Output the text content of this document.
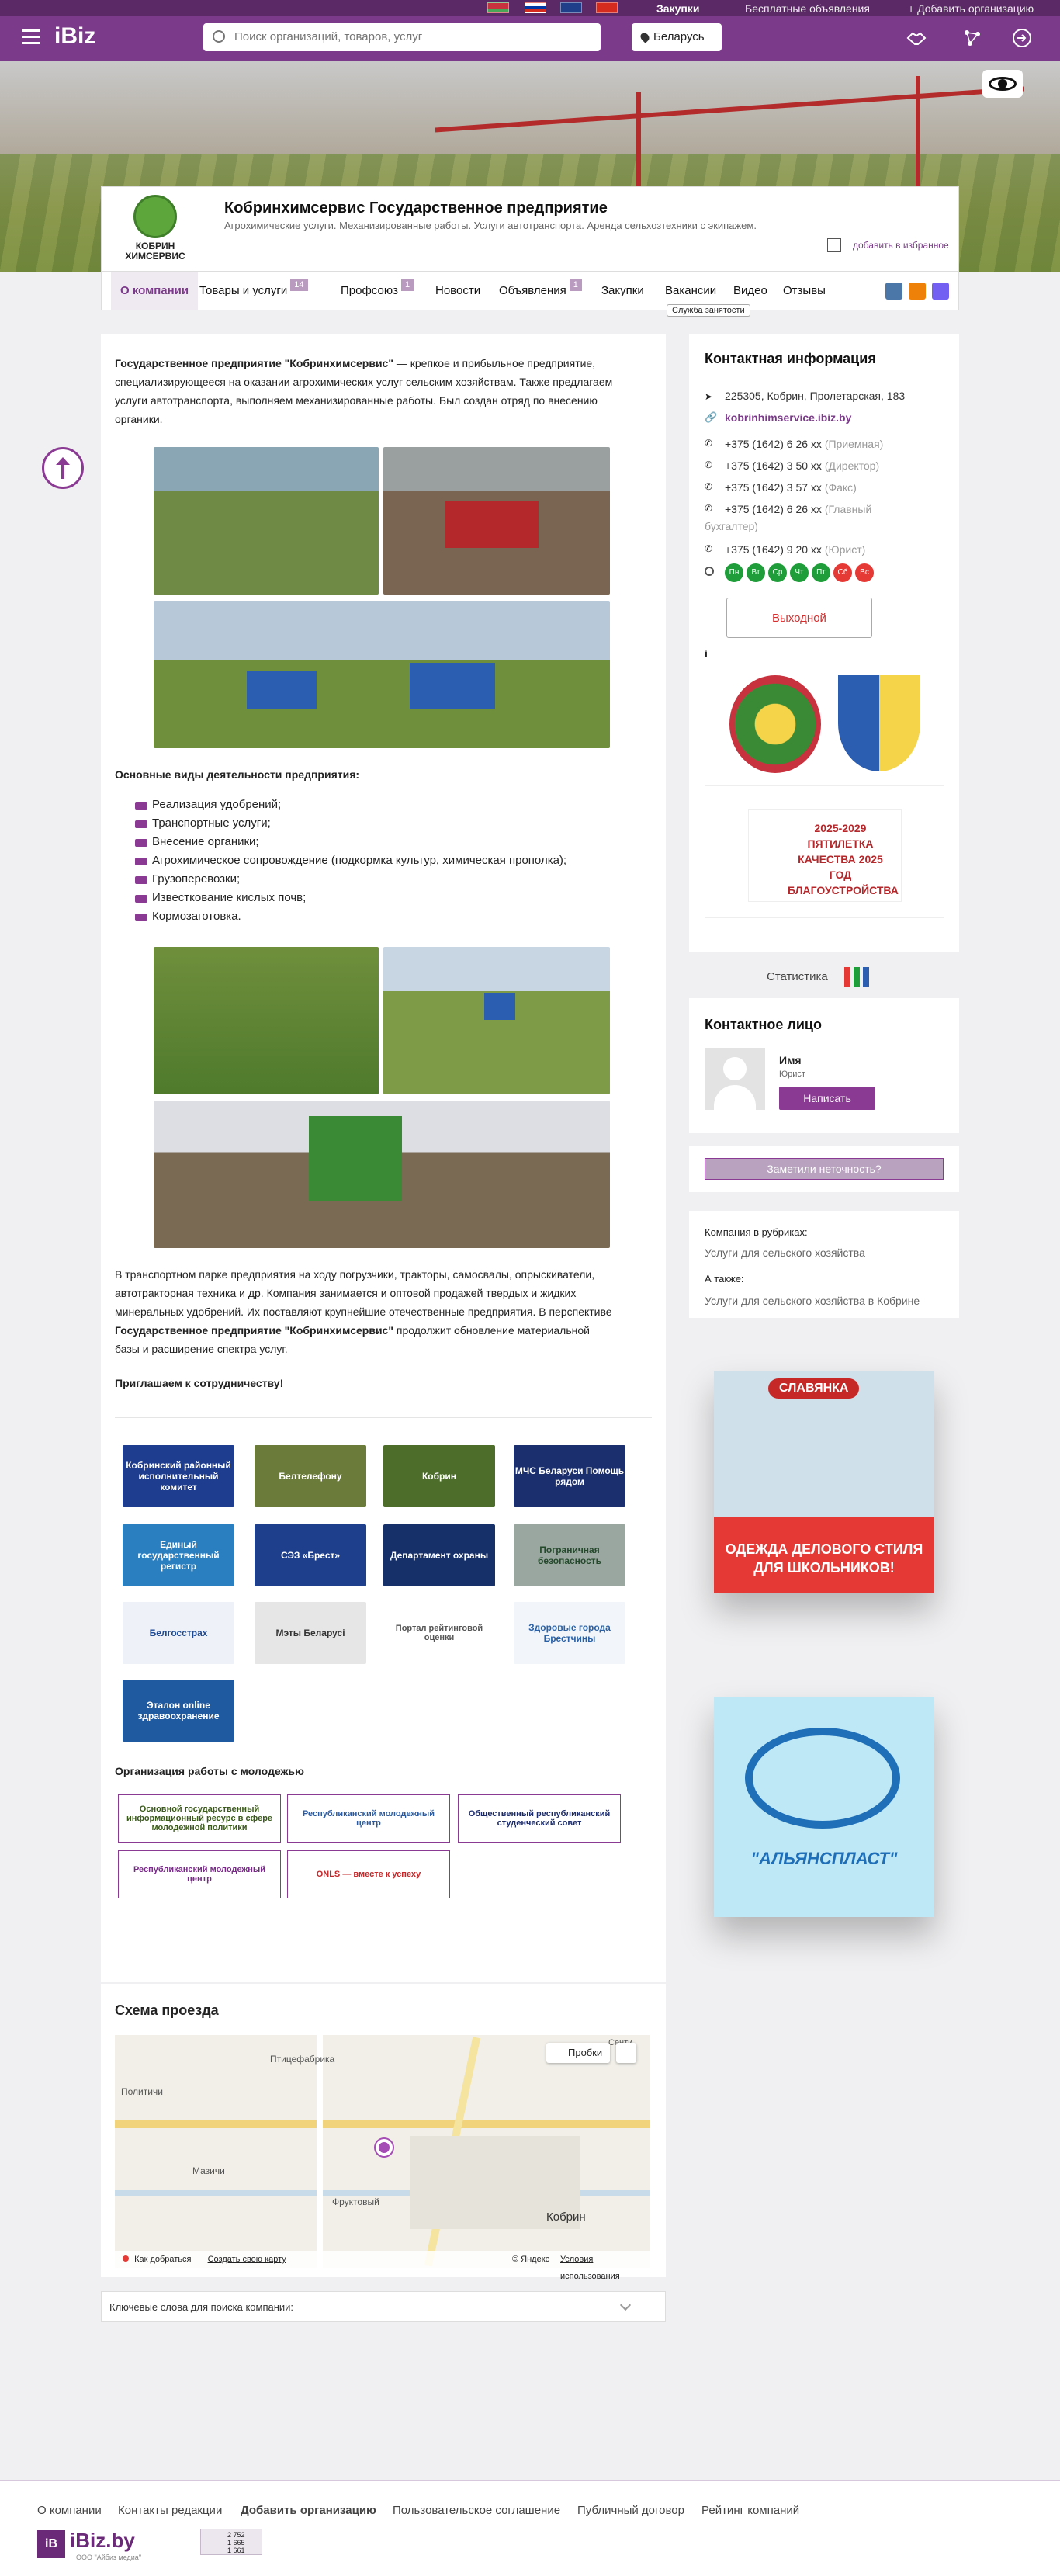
Закупки	Бесплатные объявления	+ Добавить организацию
iBiz
Поиск организаций, товаров, услуг	Беларусь
КОБРИН ХИМСЕРВИС
Кобринхимсервис Государственное предприятие
Агрохимические услуги. Механизированные работы. Услуги автотранспорта. Аренда сельхозтехники с экипажем.
добавить в избранное
О компании Товары и услуги 14	Профсоюз 1	Новости	Объявления 1	Закупки	Вакансии	Видео	Отзывы
Служба занятости
Государственное предприятие "Кобринхимсервис" — крепкое и прибыльное предприятие,
специализирующееся на оказании агрохимических услуг сельским хозяйствам. Также предлагаем
услуги автотранспорта, выполняем механизированные работы. Был создан отряд по внесению
органики.
Основные виды деятельности предприятия:
Реализация удобрений;
Транспортные услуги;
Внесение органики;
Агрохимическое сопровождение (подкормка культур, химическая прополка);
Грузоперевозки;
Известкование кислых почв;
Кормозаготовка.
В транспортном парке предприятия на ходу погрузчики, тракторы, самосвалы, опрыскиватели,
автотракторная техника и др. Компания занимается и оптовой продажей твердых и жидких
минеральных удобрений. Их поставляют крупнейшие отечественные предприятия. В перспективе
Государственное предприятие "Кобринхимсервис" продолжит обновление материальной
базы и расширение спектра услуг.
Приглашаем к сотрудничеству!
Кобринский районный исполнительный комитет
Белтелефону	Кобрин	МЧС Беларуси Помощь рядом
Единый государственный регистр
СЭЗ «Брест»	Департамент охраны	Пограничная безопасность
Белгосстрах	Мэты Беларусі	Портал рейтинговой оценки
Здоровые города Брестчины
Эталон online здравоохранение
Организация работы с молодежью
Основной государственный информационный ресурс в сфере молодежной политики
Республиканский молодежный центр
Общественный республиканский студенческий совет
Республиканский молодежный центр	ONLS — вместе к успеху
Схема проезда
Птицефабрика
Политичи
Мазичи
Фруктовый
Кобрин
Пробки
Как добраться Создать свою карту	© Яндекс Условия использования
Ключевые слова для поиска компании:
Контактная информация
➤ 225305, Кобрин, Пролетарская, 183
🔗 kobrinhimservice.ibiz.by
✆ +375 (1642) 6 26 xx (Приемная)
✆ +375 (1642) 3 50 xx (Директор)
✆ +375 (1642) 3 57 xx (Факс)
✆ +375 (1642) 6 26 xx (Главный
бухгалтер)
✆ +375 (1642) 9 20 xx (Юрист)
Пн	Вт	Ср	Чт	Пт	Сб	Вс
Выходной
i
2025-2029 ПЯТИЛЕТКА КАЧЕСТВА 2025 ГОД БЛАГОУСТРОЙСТВА
Статистика
Контактное лицо
Имя
Юрист
Написать
Заметили неточность?
Компания в рубриках:
Услуги для сельского хозяйства
А также:
Услуги для сельского хозяйства в Кобрине
СЛАВЯНКА
ОДЕЖДА ДЕЛОВОГО СТИЛЯ ДЛЯ ШКОЛЬНИКОВ!
"АЛЬЯНСПЛАСТ"
О компании Контакты редакции Добавить организацию Пользовательское соглашение Публичный договор Рейтинг компаний
iB iBiz.by
ООО "Айбиз медиа"
2 752
1 665
1 661
